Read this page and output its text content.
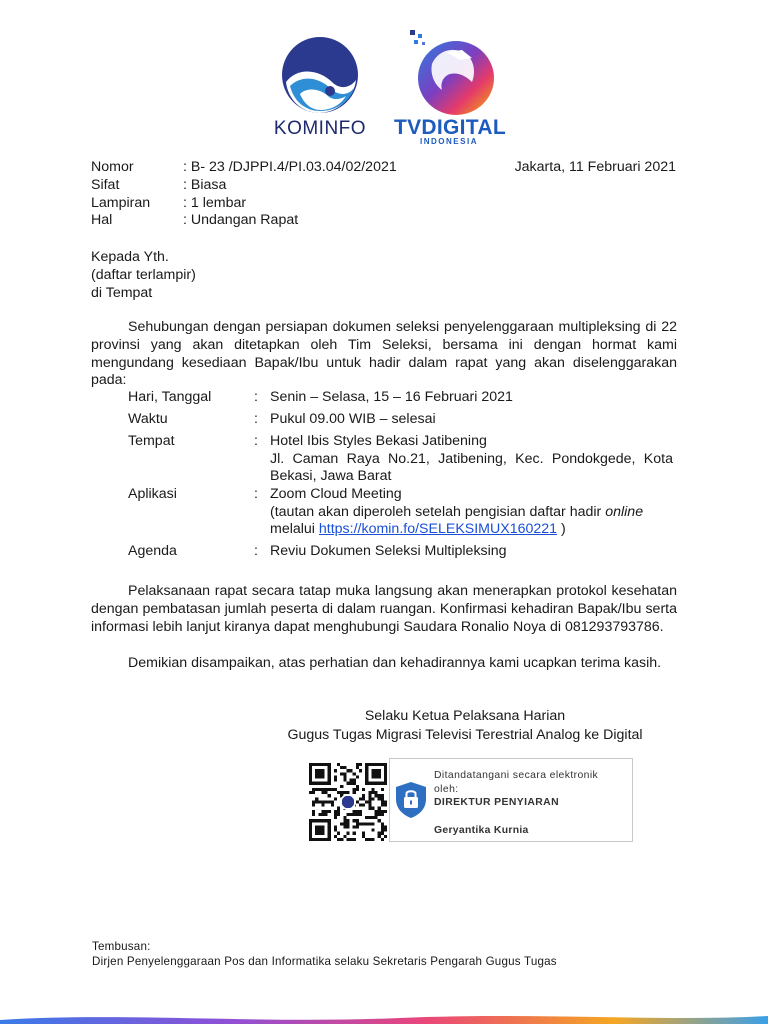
KOMINFO TVDIGITAL
INDONESIA
Nomor	: B- 23 /DJPPI.4/PI.03.04/02/2021
Sifat	: Biasa
Lampiran	: 1 lembar
Hal	: Undangan Rapat
Jakarta, 11 Februari 2021
Kepada Yth.
(daftar terlampir)
di Tempat
Sehubungan dengan persiapan dokumen seleksi penyelenggaraan multipleksing di 22 provinsi yang akan ditetapkan oleh Tim Seleksi, bersama ini dengan hormat kami mengundang kesediaan Bapak/Ibu untuk hadir dalam rapat yang akan diselenggarakan pada:
Hari, Tanggal	: Senin – Selasa, 15 – 16 Februari 2021
Waktu	: Pukul 09.00 WIB – selesai
Tempat	: Hotel Ibis Styles Bekasi Jatibening
Jl. Caman Raya No.21, Jatibening, Kec. Pondokgede, Kota Bekasi, Jawa Barat
Aplikasi	: Zoom Cloud Meeting
(tautan akan diperoleh setelah pengisian daftar hadir online
melalui https://komin.fo/SELEKSIMUX160221 )
Agenda	: Reviu Dokumen Seleksi Multipleksing
Pelaksanaan rapat secara tatap muka langsung akan menerapkan protokol kesehatan dengan pembatasan jumlah peserta di dalam ruangan. Konfirmasi kehadiran Bapak/Ibu serta informasi lebih lanjut kiranya dapat menghubungi Saudara Ronalio Noya di 081293793786.
Demikian disampaikan, atas perhatian dan kehadirannya kami ucapkan terima kasih.
Selaku Ketua Pelaksana Harian
Gugus Tugas Migrasi Televisi Terestrial Analog ke Digital
Ditandatangani secara elektronik
oleh:
DIREKTUR PENYIARAN
Geryantika Kurnia
Tembusan:
Dirjen Penyelenggaraan Pos dan Informatika selaku Sekretaris Pengarah Gugus Tugas
